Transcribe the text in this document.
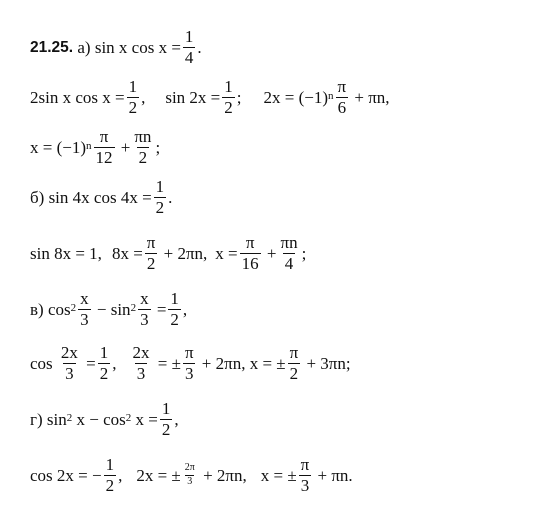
21.25.
а)
sin x $\cos x = \frac{1}{4}$ .
2sin x $\cos x = \frac{1}{2}$ ,
$\sin 2x = \frac{1}{2}$ ;
$2x = (-1)^n \frac{\pi}{6}$
+ πn,
$x = (-1)^n \frac{\pi}{12}$
+ $\frac{\pi n}{2}$ ;
б)
sin 4x $\cos 4x = \frac{1}{2}$ .
sin 8x = 1,
$8x = \frac{\pi}{2}$
+ 2πn,
$x = \frac{\pi}{16}$
+ $\frac{\pi n}{4}$ ;
в)
$\cos^2 \frac{x}{3}$
− $\sin^2 \frac{x}{3}$
= $\frac{1}{2}$ ,
cos
$\frac{2x}{3}$
= $\frac{1}{2}$ ,
$\frac{2x}{3}$
= ± $\frac{\pi}{3}$
+ 2πn, x = ± $\frac{\pi}{2}$
+ 3πn;
г)
$\sin^2$
$x - \cos^2$
$x = \frac{1}{2}$ ,
cos 2x = − $\frac{1}{2}$ ,
2x = ± $\frac{2\pi}{3}$
+ 2πn,
x = ± $\frac{\pi}{3}$
+ πn.
